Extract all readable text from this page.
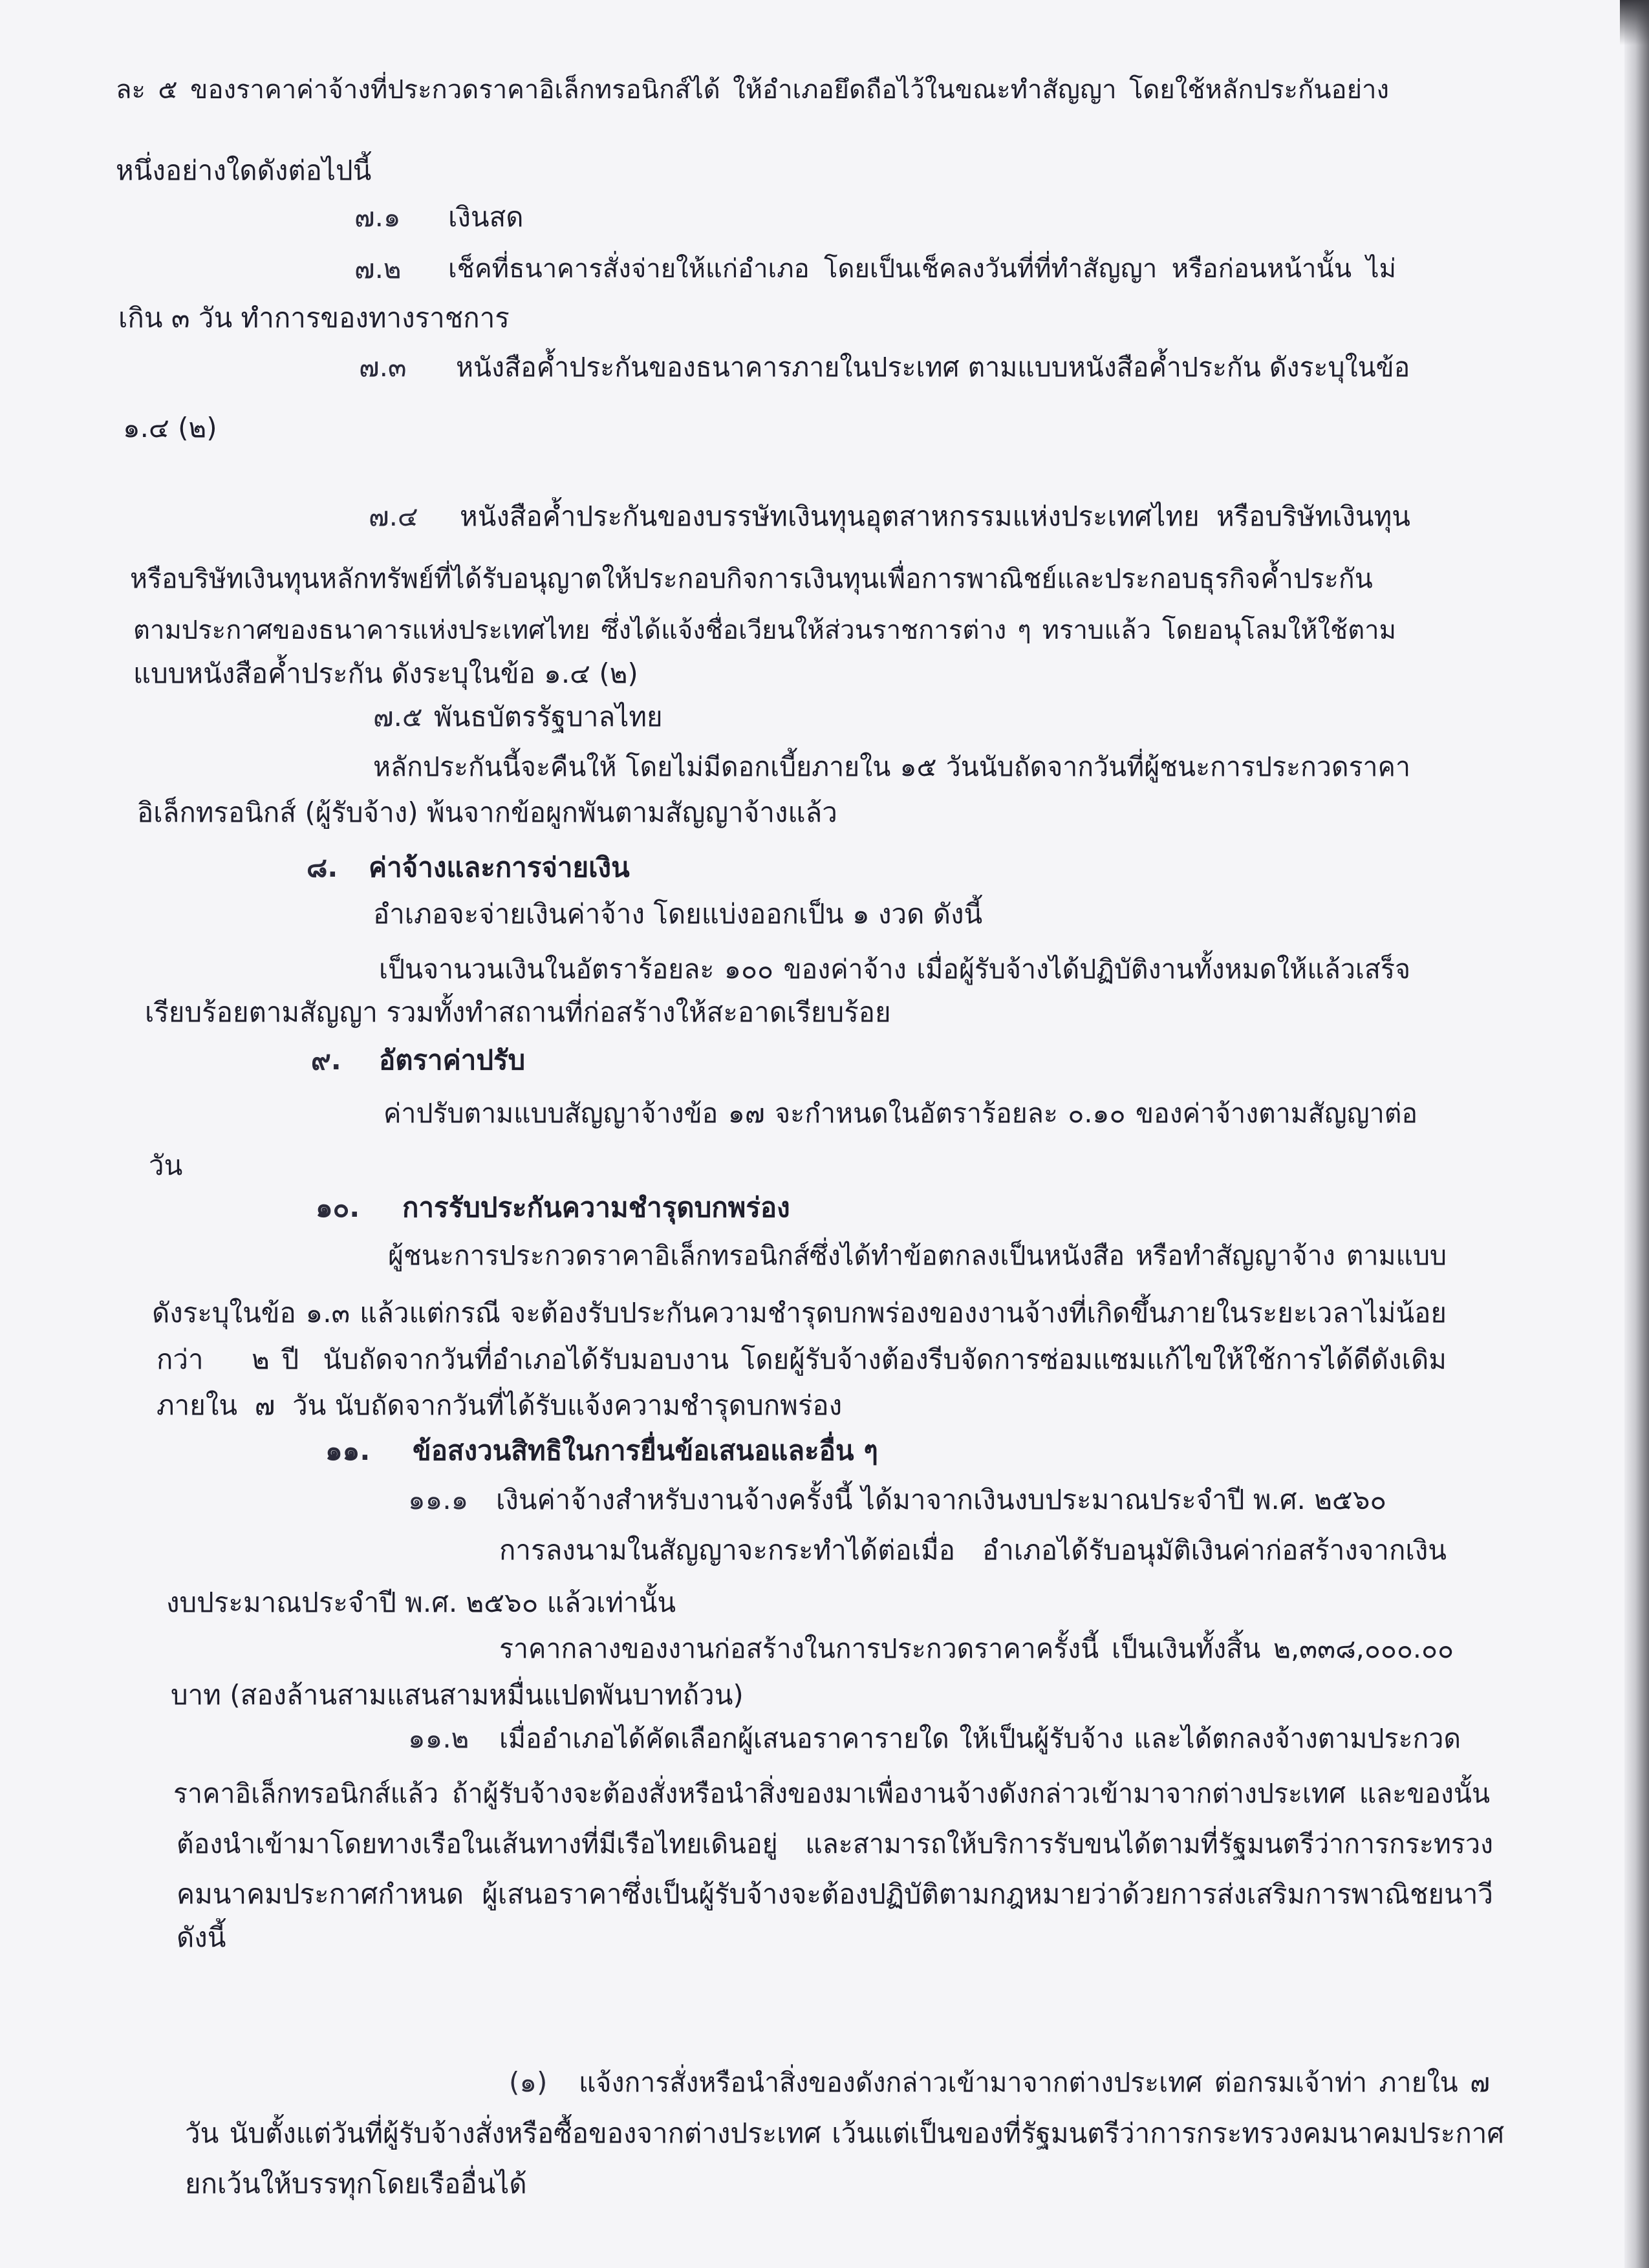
ละ ๕ ของราคาค่าจ้างที่ประกวดราคาอิเล็กทรอนิกส์ได้ ให้อำเภอยึดถือไว้ในขณะทำสัญญา โดยใช้หลักประกันอย่าง
หนึ่งอย่างใดดังต่อไปนี้
๗.๑	เงินสด
๗.๒	เช็คที่ธนาคารสั่งจ่ายให้แก่อำเภอ โดยเป็นเช็คลงวันที่ที่ทำสัญญา หรือก่อนหน้านั้น ไม่
เกิน ๓ วัน ทำการของทางราชการ
๗.๓	หนังสือค้ำประกันของธนาคารภายในประเทศ ตามแบบหนังสือค้ำประกัน ดังระบุในข้อ
๑.๔ (๒)
๗.๔	หนังสือค้ำประกันของบรรษัทเงินทุนอุตสาหกรรมแห่งประเทศไทย หรือบริษัทเงินทุน
หรือบริษัทเงินทุนหลักทรัพย์ที่ได้รับอนุญาตให้ประกอบกิจการเงินทุนเพื่อการพาณิชย์และประกอบธุรกิจค้ำประกัน
ตามประกาศของธนาคารแห่งประเทศไทย ซึ่งได้แจ้งชื่อเวียนให้ส่วนราชการต่าง ๆ ทราบแล้ว โดยอนุโลมให้ใช้ตาม
แบบหนังสือค้ำประกัน ดังระบุในข้อ ๑.๔ (๒)
๗.๕ พันธบัตรรัฐบาลไทย
หลักประกันนี้จะคืนให้ โดยไม่มีดอกเบี้ยภายใน ๑๕ วันนับถัดจากวันที่ผู้ชนะการประกวดราคา
อิเล็กทรอนิกส์ (ผู้รับจ้าง) พ้นจากข้อผูกพันตามสัญญาจ้างแล้ว
๘.	ค่าจ้างและการจ่ายเงิน
อำเภอจะจ่ายเงินค่าจ้าง โดยแบ่งออกเป็น ๑ งวด ดังนี้
เป็นจานวนเงินในอัตราร้อยละ ๑๐๐ ของค่าจ้าง เมื่อผู้รับจ้างได้ปฏิบัติงานทั้งหมดให้แล้วเสร็จ
เรียบร้อยตามสัญญา รวมทั้งทำสถานที่ก่อสร้างให้สะอาดเรียบร้อย
๙.	อัตราค่าปรับ
ค่าปรับตามแบบสัญญาจ้างข้อ ๑๗ จะกำหนดในอัตราร้อยละ ๐.๑๐ ของค่าจ้างตามสัญญาต่อ
วัน
๑๐.	การรับประกันความชำรุดบกพร่อง
ผู้ชนะการประกวดราคาอิเล็กทรอนิกส์ซึ่งได้ทำข้อตกลงเป็นหนังสือ หรือทำสัญญาจ้าง ตามแบบ
ดังระบุในข้อ ๑.๓ แล้วแต่กรณี จะต้องรับประกันความชำรุดบกพร่องของงานจ้างที่เกิดขึ้นภายในระยะเวลาไม่น้อย
กว่า    ๒ ปี  นับถัดจากวันที่อำเภอได้รับมอบงาน โดยผู้รับจ้างต้องรีบจัดการซ่อมแซมแก้ไขให้ใช้การได้ดีดังเดิม
ภายใน  ๗  วัน นับถัดจากวันที่ได้รับแจ้งความชำรุดบกพร่อง
๑๑.	ข้อสงวนสิทธิในการยื่นข้อเสนอและอื่น ๆ
๑๑.๑	เงินค่าจ้างสำหรับงานจ้างครั้งนี้ ได้มาจากเงินงบประมาณประจำปี พ.ศ. ๒๕๖๐
การลงนามในสัญญาจะกระทำได้ต่อเมื่อ อำเภอได้รับอนุมัติเงินค่าก่อสร้างจากเงิน
งบประมาณประจำปี พ.ศ. ๒๕๖๐ แล้วเท่านั้น
ราคากลางของงานก่อสร้างในการประกวดราคาครั้งนี้ เป็นเงินทั้งสิ้น ๒,๓๓๘,๐๐๐.๐๐
บาท (สองล้านสามแสนสามหมื่นแปดพันบาทถ้วน)
๑๑.๒	เมื่ออำเภอได้คัดเลือกผู้เสนอราคารายใด ให้เป็นผู้รับจ้าง และได้ตกลงจ้างตามประกวด
ราคาอิเล็กทรอนิกส์แล้ว ถ้าผู้รับจ้างจะต้องสั่งหรือนำสิ่งของมาเพื่องานจ้างดังกล่าวเข้ามาจากต่างประเทศ และของนั้น
ต้องนำเข้ามาโดยทางเรือในเส้นทางที่มีเรือไทยเดินอยู่ และสามารถให้บริการรับขนได้ตามที่รัฐมนตรีว่าการกระทรวง
คมนาคมประกาศกำหนด ผู้เสนอราคาซึ่งเป็นผู้รับจ้างจะต้องปฏิบัติตามกฎหมายว่าด้วยการส่งเสริมการพาณิชยนาวี
ดังนี้
(๑)	แจ้งการสั่งหรือนำสิ่งของดังกล่าวเข้ามาจากต่างประเทศ ต่อกรมเจ้าท่า ภายใน ๗
วัน นับตั้งแต่วันที่ผู้รับจ้างสั่งหรือซื้อของจากต่างประเทศ เว้นแต่เป็นของที่รัฐมนตรีว่าการกระทรวงคมนาคมประกาศ
ยกเว้นให้บรรทุกโดยเรืออื่นได้
